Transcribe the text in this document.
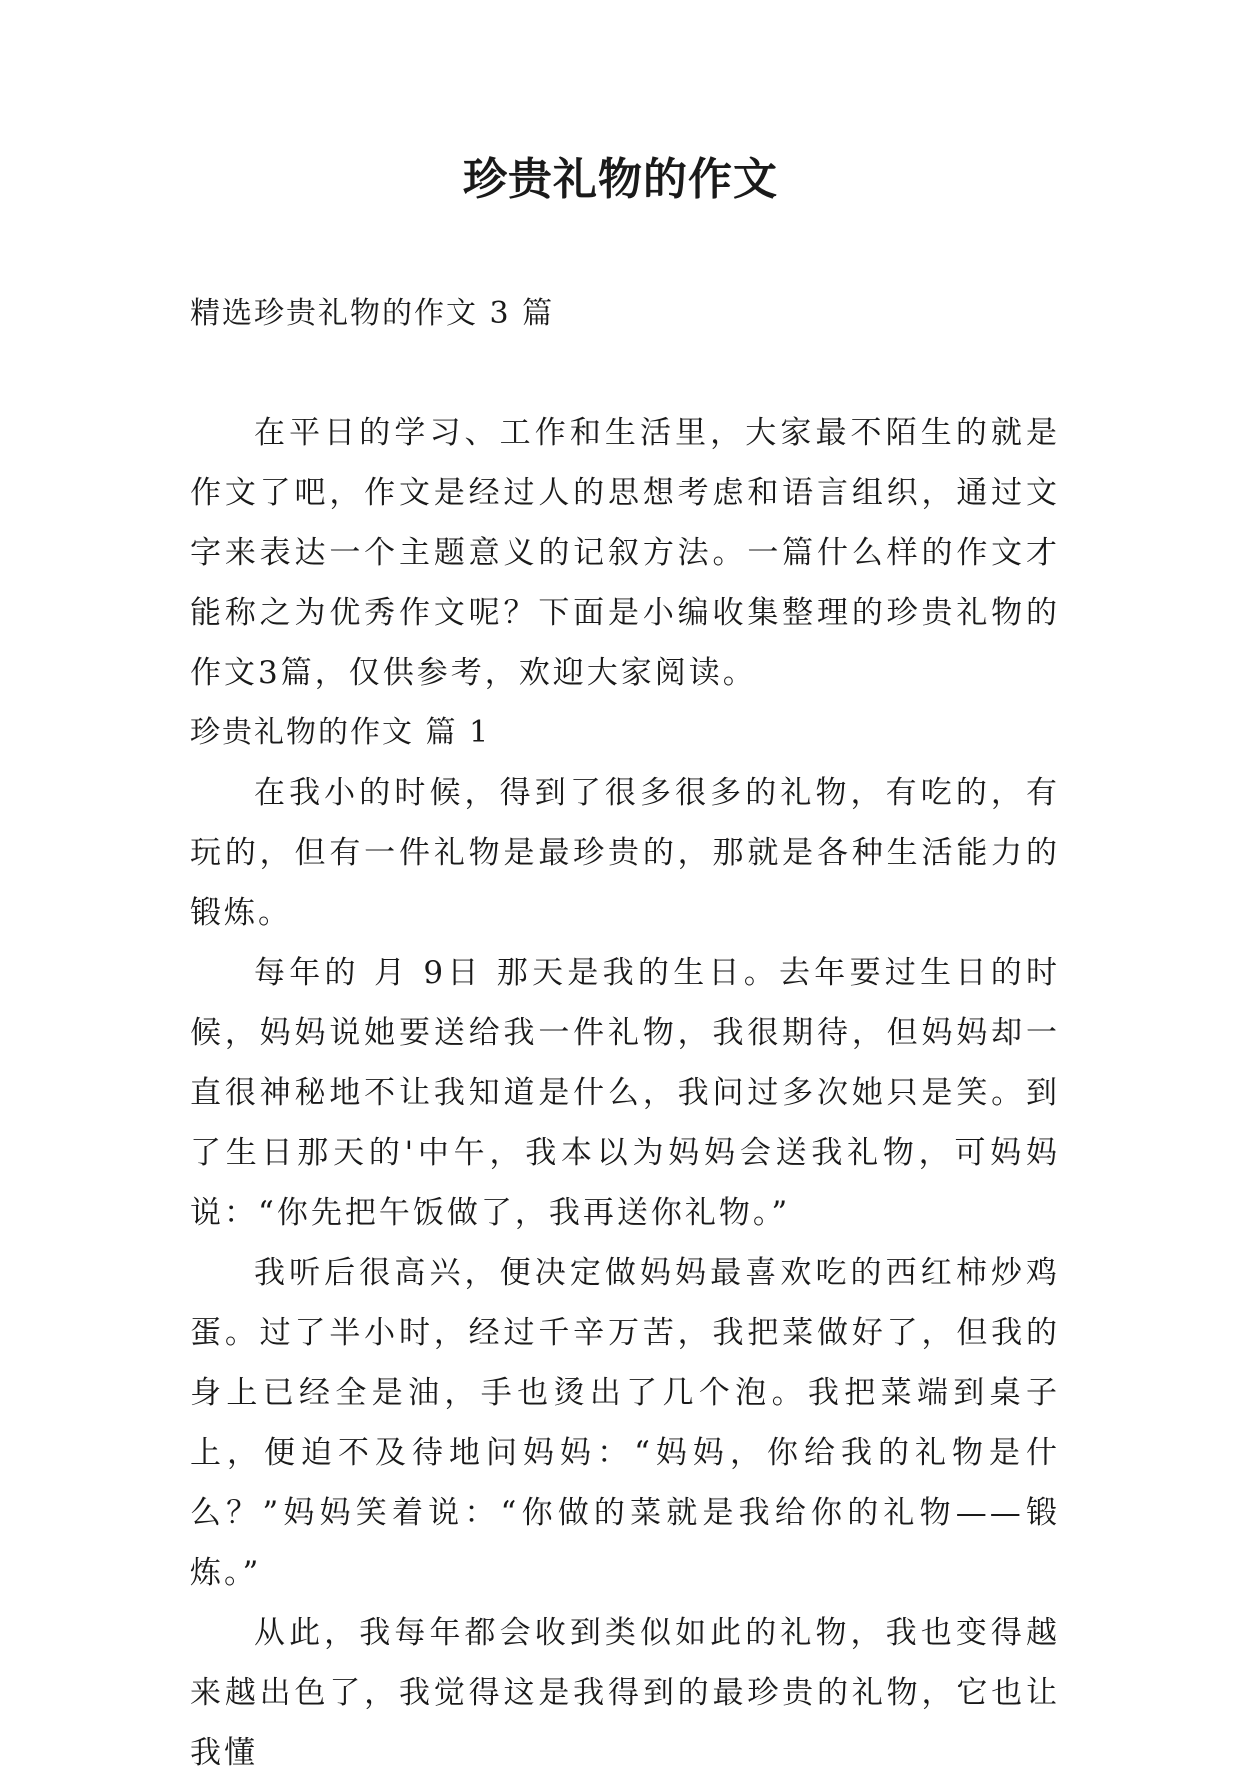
珍贵礼物的作文

精选珍贵礼物的作文 3 篇

在平日的学习、工作和生活里，大家最不陌生的就是作文了吧，作文是经过人的思想考虑和语言组织，通过文字来表达一个主题意义的记叙方法。一篇什么样的作文才能称之为优秀作文呢？下面是小编收集整理的珍贵礼物的作文3篇，仅供参考，欢迎大家阅读。

珍贵礼物的作文 篇 1

在我小的时候，得到了很多很多的礼物，有吃的，有玩的，但有一件礼物是最珍贵的，那就是各种生活能力的锻炼。

每年的 月 9日 那天是我的生日。去年要过生日的时候，妈妈说她要送给我一件礼物，我很期待，但妈妈却一直很神秘地不让我知道是什么，我问过多次她只是笑。到了生日那天的'中午，我本以为妈妈会送我礼物，可妈妈说：“你先把午饭做了，我再送你礼物。”

我听后很高兴，便决定做妈妈最喜欢吃的西红柿炒鸡蛋。过了半小时，经过千辛万苦，我把菜做好了，但我的身上已经全是油，手也烫出了几个泡。我把菜端到桌子上，便迫不及待地问妈妈：“妈妈，你给我的礼物是什么？”妈妈笑着说：“你做的菜就是我给你的礼物——锻炼。”

从此，我每年都会收到类似如此的礼物，我也变得越来越出色了，我觉得这是我得到的最珍贵的礼物，它也让我懂
